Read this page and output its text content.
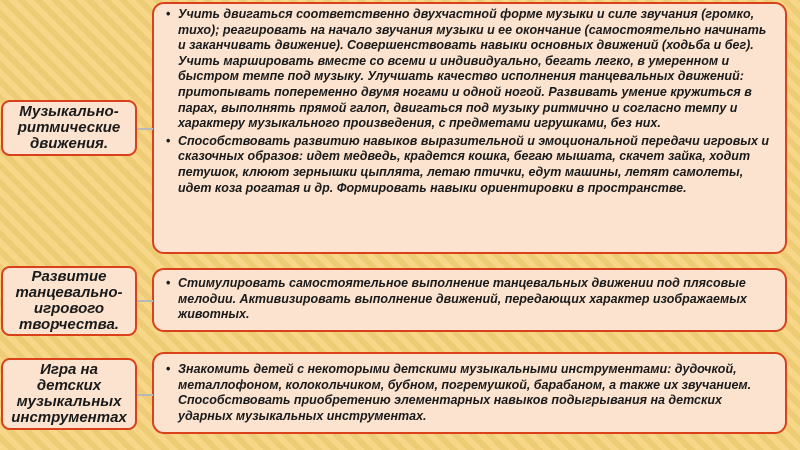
• Учить двигаться соответственно двухчастной форме музыки и силе звучания (громко, тихо); реагировать на начало звучания музыки и ее окончание (самостоятельно начинать и заканчивать движение). Совершенствовать навыки основных движений (ходьба и бег). Учить маршировать вместе со всеми и индивидуально, бегать легко, в умеренном и быстром темпе под музыку. Улучшать качество исполнения танцевальных движений: притопывать попеременно двумя ногами и одной ногой. Развивать умение кружиться в парах, выполнять прямой галоп, двигаться под музыку ритмично и согласно темпу и характеру музыкального произведения, с предметами игрушками, без них.
• Способствовать развитию навыков выразительной и эмоциональной передачи игровых и сказочных образов: идет медведь, крадется кошка, бегаю мышата, скачет зайка, ходит петушок, клюют зернышки цыплята, летаю птички, едут машины, летят самолеты, идет коза рогатая и др. Формировать навыки ориентировки в пространстве.
Музыкально-ритмические движения.
• Стимулировать самостоятельное выполнение танцевальных движении под плясовые мелодии. Активизировать выполнение движений, передающих характер изображаемых животных.
Развитие танцевально-игрового творчества.
• Знакомить детей с некоторыми детскими музыкальными инструментами: дудочкой, металлофоном, колокольчиком, бубном, погремушкой, барабаном, а также их звучанием. Способствовать приобретению элементарных навыков подыгрывания на детских ударных музыкальных инструментах.
Игра на детских музыкальных инструментах
